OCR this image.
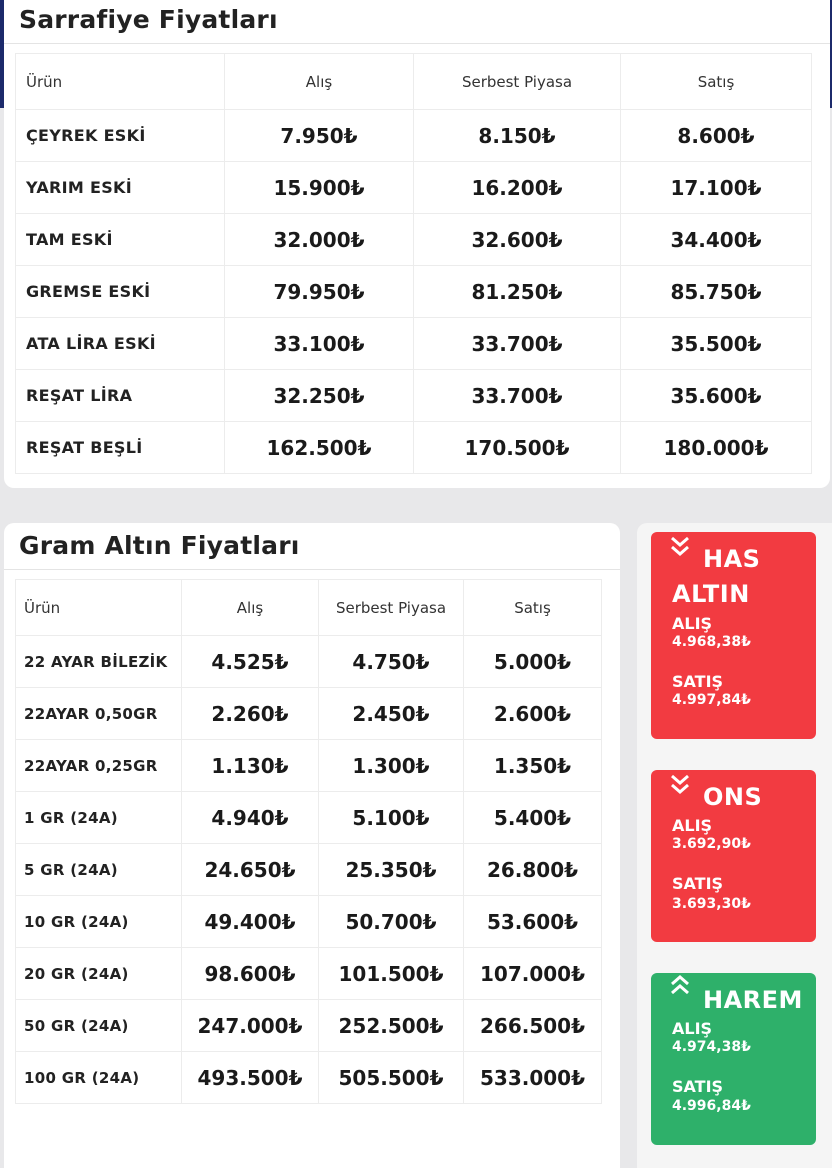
Sarrafiye Fiyatları
Ürün	Alış	Serbest Piyasa	Satış
ÇEYREK ESKİ	7.950₺	8.150₺	8.600₺
YARIM ESKİ	15.900₺	16.200₺	17.100₺
TAM ESKİ	32.000₺	32.600₺	34.400₺
GREMSE ESKİ	79.950₺	81.250₺	85.750₺
ATA LİRA ESKİ	33.100₺	33.700₺	35.500₺
REŞAT LİRA	32.250₺	33.700₺	35.600₺
REŞAT BEŞLİ	162.500₺	170.500₺	180.000₺
Gram Altın Fiyatları
Ürün	Alış	Serbest Piyasa	Satış
22 AYAR BİLEZİK	4.525₺	4.750₺	5.000₺
22AYAR 0,50GR	2.260₺	2.450₺	2.600₺
22AYAR 0,25GR	1.130₺	1.300₺	1.350₺
1 GR (24A)	4.940₺	5.100₺	5.400₺
5 GR (24A)	24.650₺	25.350₺	26.800₺
10 GR (24A)	49.400₺	50.700₺	53.600₺
20 GR (24A)	98.600₺	101.500₺	107.000₺
50 GR (24A)	247.000₺	252.500₺	266.500₺
100 GR (24A)	493.500₺	505.500₺	533.000₺
HAS
ALTIN
ALIŞ
4.968,38₺
SATIŞ
4.997,84₺
ONS
ALIŞ
3.692,90₺
SATIŞ
3.693,30₺
HAREM
ALIŞ
4.974,38₺
SATIŞ
4.996,84₺
